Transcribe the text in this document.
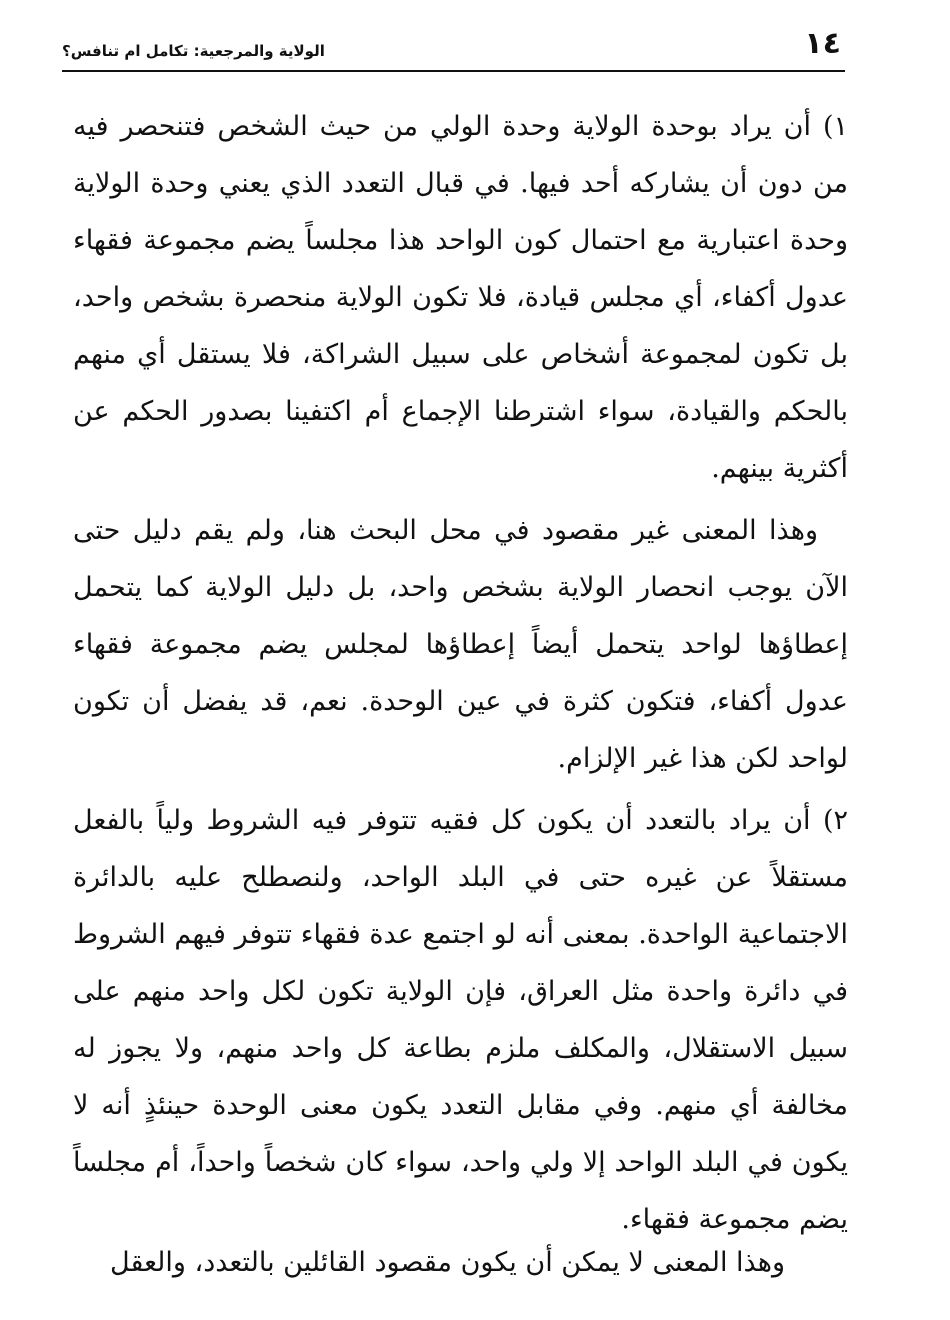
١٤
الولاية والمرجعية: تكامل ام تنافس؟

١) أن يراد بوحدة الولاية وحدة الولي من حيث الشخص فتنحصر فيه من دون أن يشاركه أحد فيها. في قبال التعدد الذي يعني وحدة الولاية وحدة اعتبارية مع احتمال كون الواحد هذا مجلساً يضم مجموعة فقهاء عدول أكفاء، أي مجلس قيادة، فلا تكون الولاية منحصرة بشخص واحد، بل تكون لمجموعة أشخاص على سبيل الشراكة، فلا يستقل أي منهم بالحكم والقيادة، سواء اشترطنا الإجماع أم اكتفينا بصدور الحكم عن أكثرية بينهم.

وهذا المعنى غير مقصود في محل البحث هنا، ولم يقم دليل حتى الآن يوجب انحصار الولاية بشخص واحد، بل دليل الولاية كما يتحمل إعطاؤها لواحد يتحمل أيضاً إعطاؤها لمجلس يضم مجموعة فقهاء عدول أكفاء، فتكون كثرة في عين الوحدة. نعم، قد يفضل أن تكون لواحد لكن هذا غير الإلزام.

٢) أن يراد بالتعدد أن يكون كل فقيه تتوفر فيه الشروط ولياً بالفعل مستقلاً عن غيره حتى في البلد الواحد، ولنصطلح عليه بالدائرة الاجتماعية الواحدة. بمعنى أنه لو اجتمع عدة فقهاء تتوفر فيهم الشروط في دائرة واحدة مثل العراق، فإن الولاية تكون لكل واحد منهم على سبيل الاستقلال، والمكلف ملزم بطاعة كل واحد منهم، ولا يجوز له مخالفة أي منهم. وفي مقابل التعدد يكون معنى الوحدة حينئذٍ أنه لا يكون في البلد الواحد إلا ولي واحد، سواء كان شخصاً واحداً، أم مجلساً يضم مجموعة فقهاء.

وهذا المعنى لا يمكن أن يكون مقصود القائلين بالتعدد، والعقل
